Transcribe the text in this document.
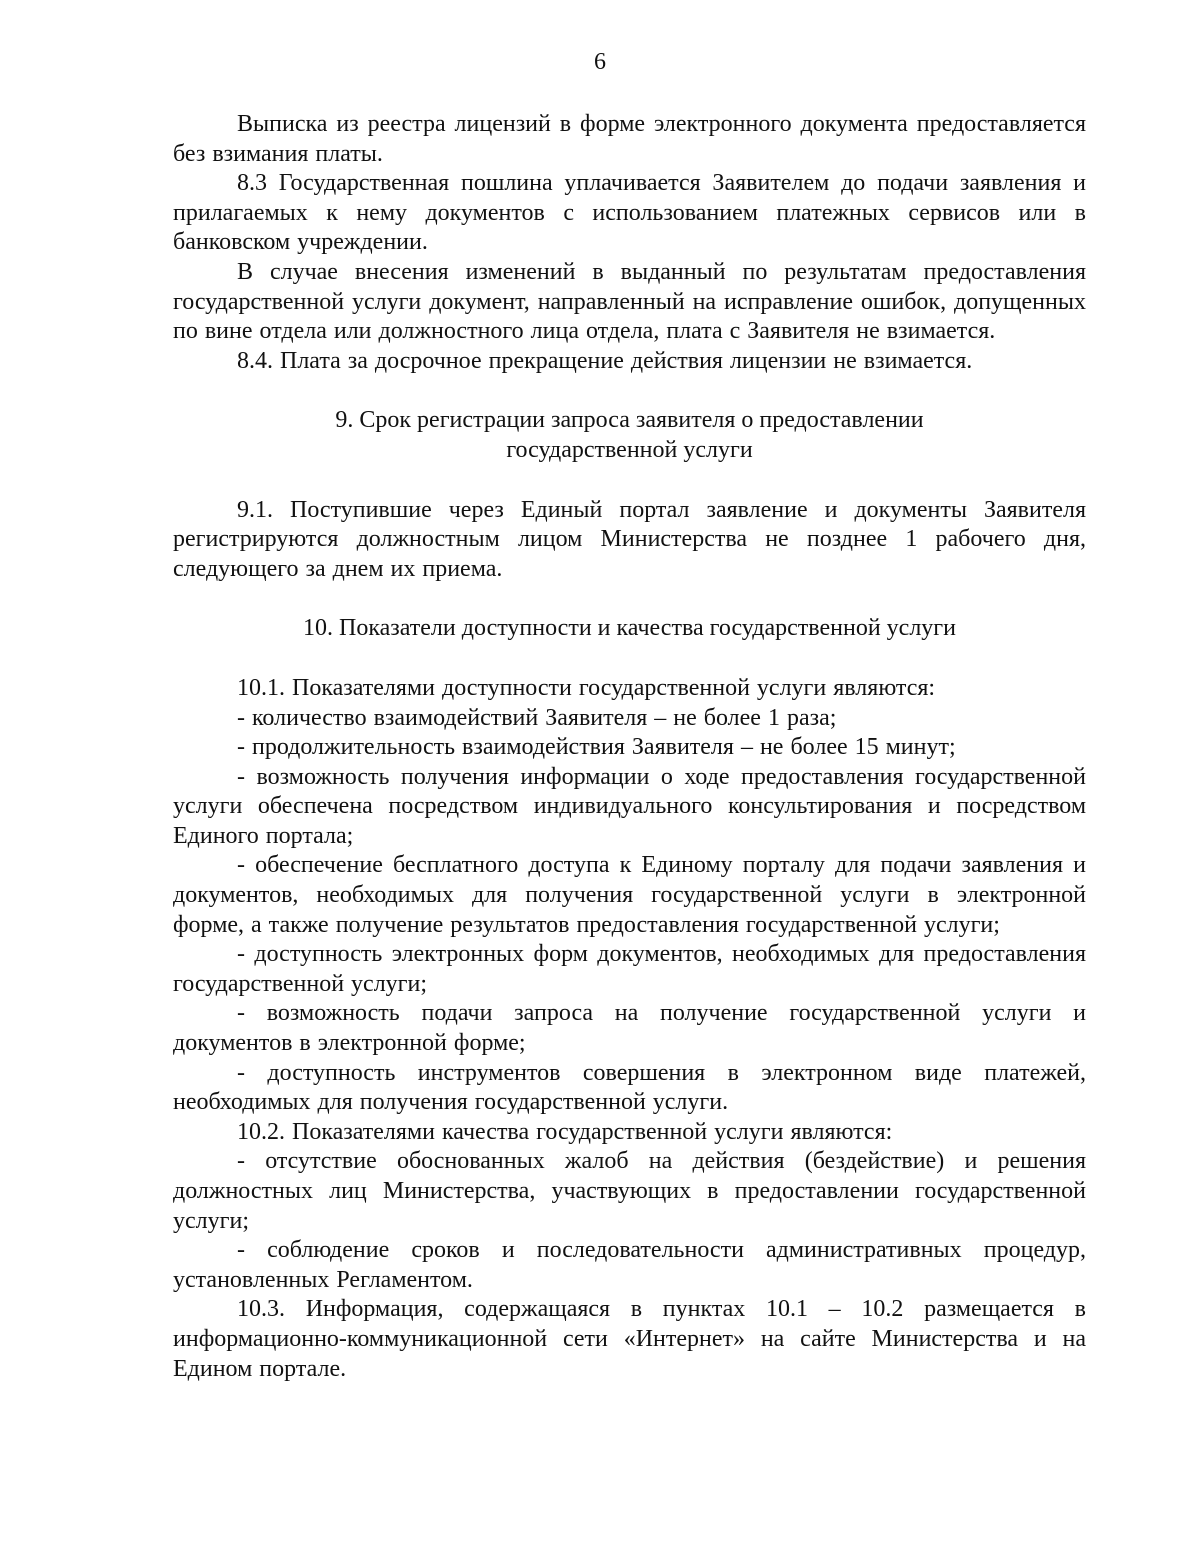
6

Выписка из реестра лицензий в форме электронного документа предоставляется без взимания платы.

8.3 Государственная пошлина уплачивается Заявителем до подачи заявления и прилагаемых к нему документов с использованием платежных сервисов или в банковском учреждении.

В случае внесения изменений в выданный по результатам предоставления государственной услуги документ, направленный на исправление ошибок, допущенных по вине отдела или должностного лица отдела, плата с Заявителя не взимается.

8.4. Плата за досрочное прекращение действия лицензии не взимается.

9. Срок регистрации запроса заявителя о предоставлении

государственной услуги

9.1. Поступившие через Единый портал заявление и документы Заявителя регистрируются должностным лицом Министерства не позднее 1 рабочего дня, следующего за днем их приема.

10. Показатели доступности и качества государственной услуги

10.1. Показателями доступности государственной услуги являются:

- количество взаимодействий Заявителя – не более 1 раза;

- продолжительность взаимодействия Заявителя – не более 15 минут;

- возможность получения информации о ходе предоставления государственной услуги обеспечена посредством индивидуального консультирования и посредством Единого портала;

- обеспечение бесплатного доступа к Единому порталу для подачи заявления и документов, необходимых для получения государственной услуги в электронной форме, а также получение результатов предоставления государственной услуги;

- доступность электронных форм документов, необходимых для предоставления государственной услуги;

- возможность подачи запроса на получение государственной услуги и документов в электронной форме;

- доступность инструментов совершения в электронном виде платежей, необходимых для получения государственной услуги.

10.2. Показателями качества государственной услуги являются:

- отсутствие обоснованных жалоб на действия (бездействие) и решения должностных лиц Министерства, участвующих в предоставлении государственной услуги;

- соблюдение сроков и последовательности административных процедур, установленных Регламентом.

10.3. Информация, содержащаяся в пунктах 10.1 – 10.2 размещается в информационно-коммуникационной сети «Интернет» на сайте Министерства и на Едином портале.
